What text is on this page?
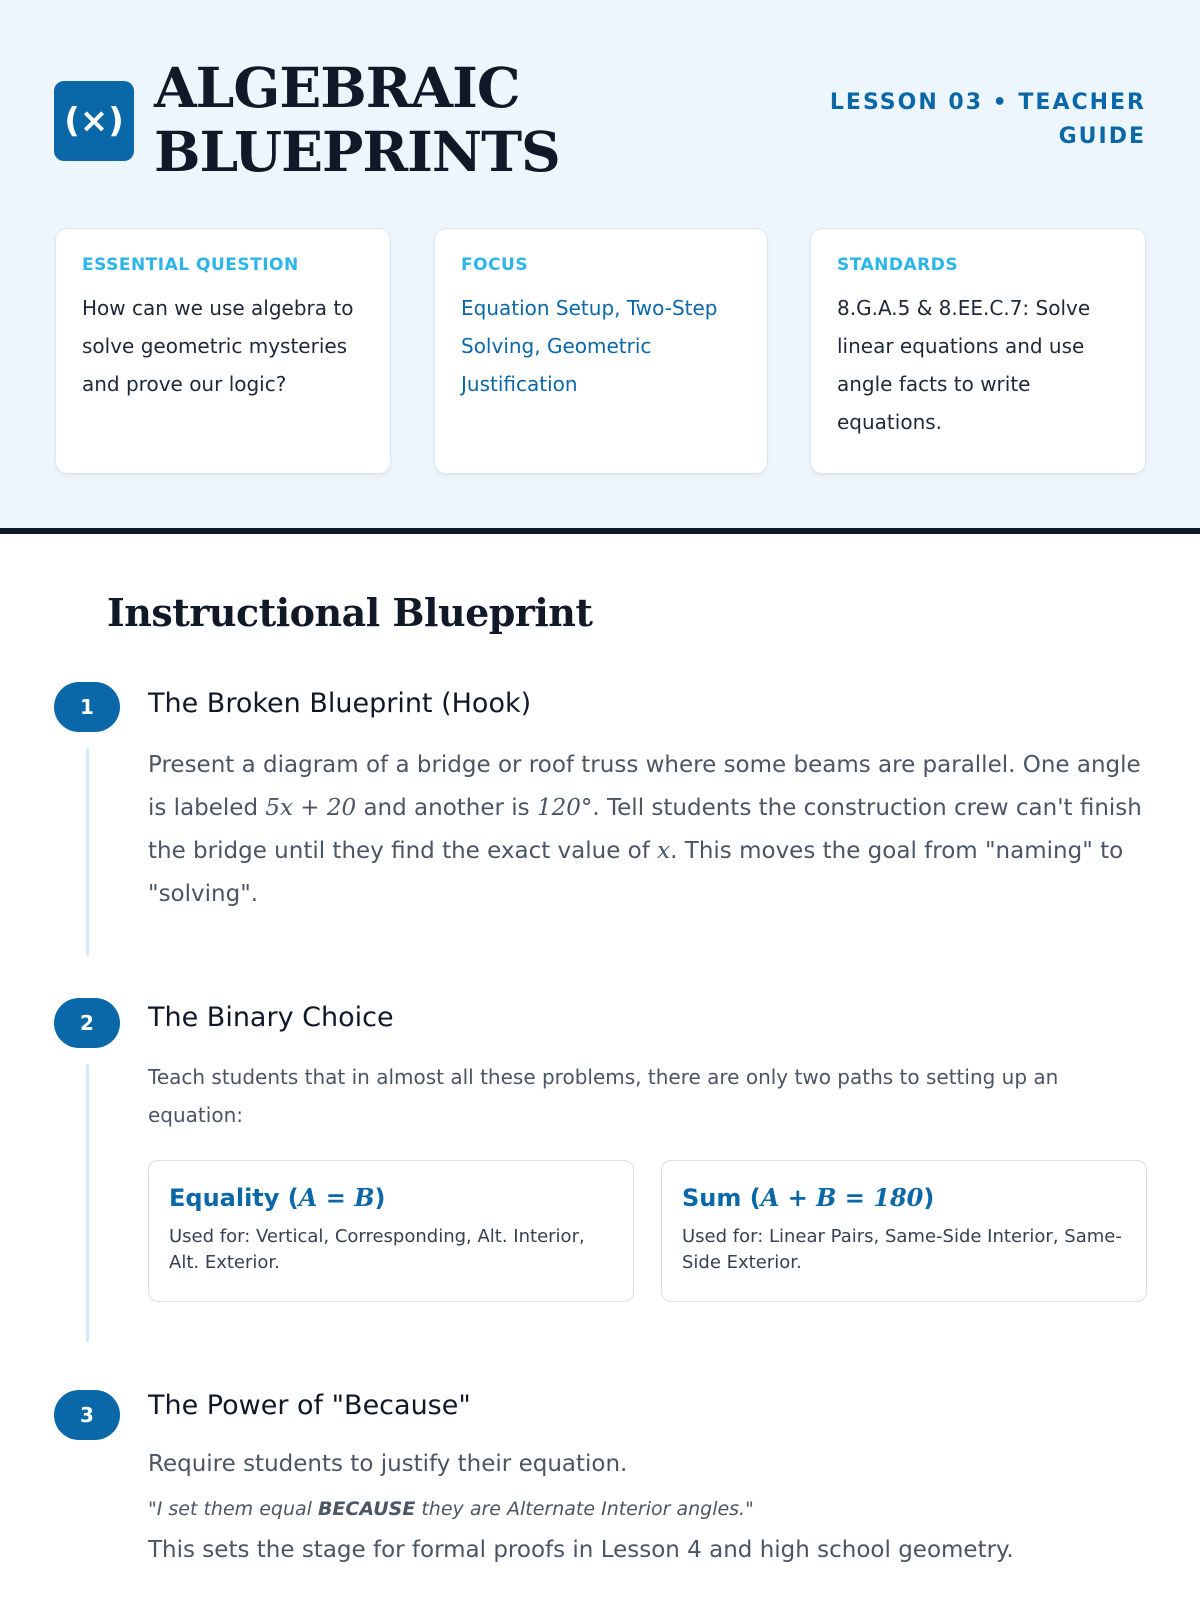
(×)
ALGEBRAIC
BLUEPRINTS
LESSON 03 • TEACHER GUIDE
ESSENTIAL QUESTION
How can we use algebra to solve geometric mysteries and prove our logic?
FOCUS
Equation Setup, Two-Step Solving, Geometric Justification
STANDARDS
8.G.A.5 & 8.EE.C.7: Solve linear equations and use angle facts to write equations.
Instructional Blueprint
1	The Broken Blueprint (Hook)
Present a diagram of a bridge or roof truss where some beams are parallel. One angle is labeled 5x + 20 and another is 120°. Tell students the construction crew can't finish the bridge until they find the exact value of x. This moves the goal from "naming" to "solving".
2	The Binary Choice
Teach students that in almost all these problems, there are only two paths to setting up an equation:
Equality (A = B)
Used for: Vertical, Corresponding, Alt. Interior, Alt. Exterior.
Sum (A + B = 180)
Used for: Linear Pairs, Same-Side Interior, Same-Side Exterior.
3	The Power of "Because"
Require students to justify their equation.
"I set them equal BECAUSE they are Alternate Interior angles."
This sets the stage for formal proofs in Lesson 4 and high school geometry.
